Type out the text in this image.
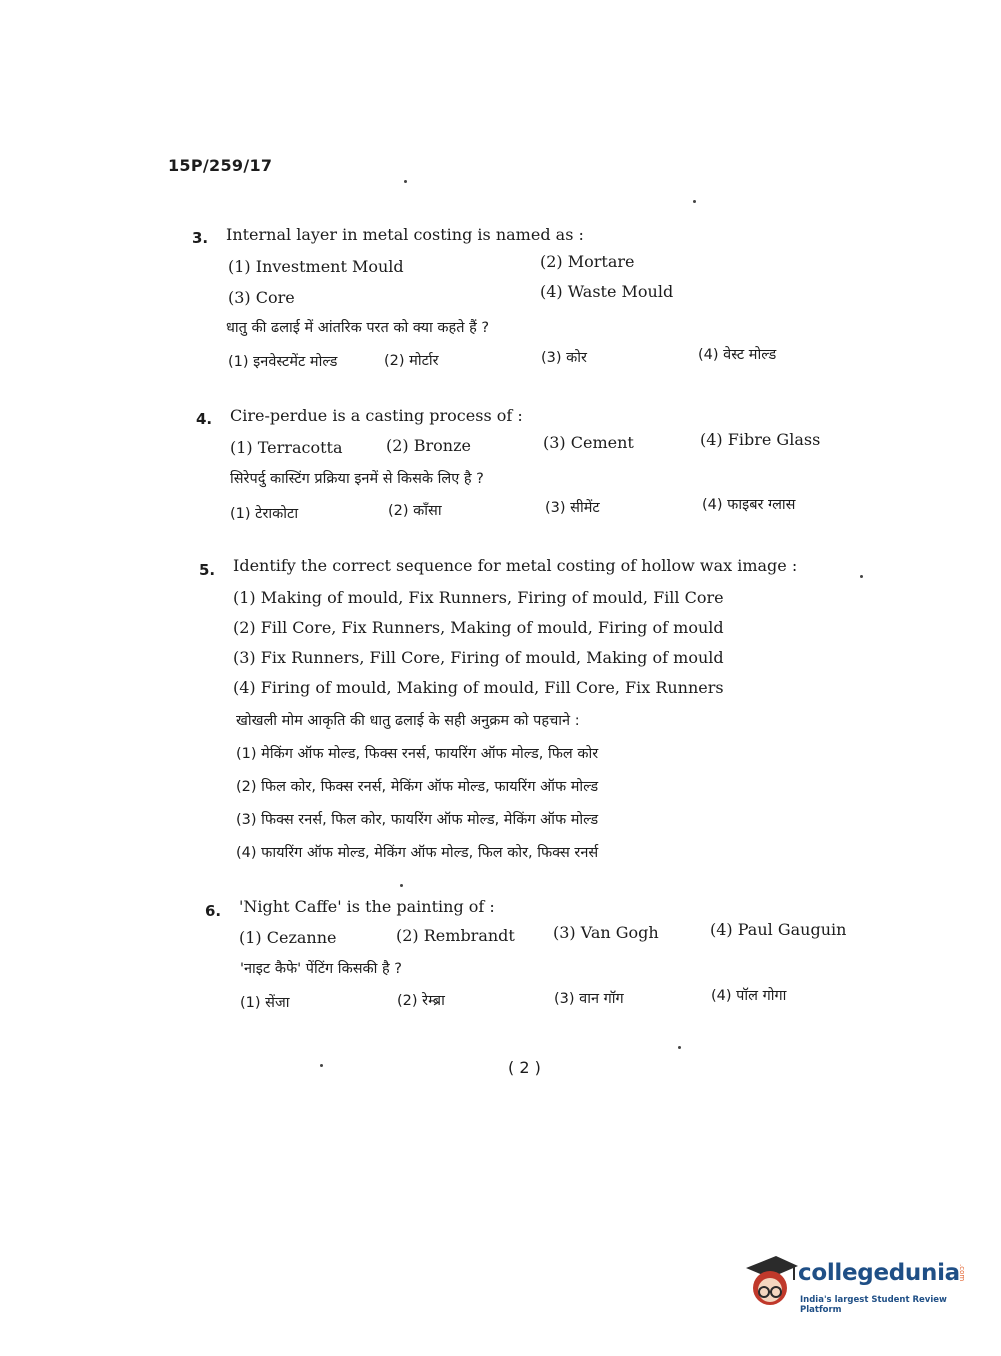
15P/259/17
3. Internal layer in metal costing is named as :
(1) Investment Mould	(2) Mortare
(3) Core	(4) Waste Mould
धातु की ढलाई में आंतरिक परत को क्या कहते हैं ?
(1) इनवेस्टमेंट मोल्ड	(2) मोर्टार	(3) कोर	(4) वेस्ट मोल्ड
4. Cire-perdue is a casting process of :
(1) Terracotta	(2) Bronze	(3) Cement	(4) Fibre Glass
सिरेपर्दु कास्टिंग प्रक्रिया इनमें से किसके लिए है ?
(1) टेराकोटा	(2) काँसा	(3) सीमेंट	(4) फाइबर ग्लास
5. Identify the correct sequence for metal costing of hollow wax image :
(1) Making of mould, Fix Runners, Firing of mould, Fill Core
(2) Fill Core, Fix Runners, Making of mould, Firing of mould
(3) Fix Runners, Fill Core, Firing of mould, Making of mould
(4) Firing of mould, Making of mould, Fill Core, Fix Runners
खोखली मोम आकृति की धातु ढलाई के सही अनुक्रम को पहचाने :
(1) मेकिंग ऑफ मोल्ड, फिक्स रनर्स, फायरिंग ऑफ मोल्ड, फिल कोर
(2) फिल कोर, फिक्स रनर्स, मेकिंग ऑफ मोल्ड, फायरिंग ऑफ मोल्ड
(3) फिक्स रनर्स, फिल कोर, फायरिंग ऑफ मोल्ड, मेकिंग ऑफ मोल्ड
(4) फायरिंग ऑफ मोल्ड, मेकिंग ऑफ मोल्ड, फिल कोर, फिक्स रनर्स
6. 'Night Caffe' is the painting of :
(1) Cezanne	(2) Rembrandt (3) Van Gogh	(4) Paul Gauguin
'नाइट कैफे' पेंटिंग किसकी है ?
(1) सेंजा	(2) रेम्ब्रा	(3) वान गॉग	(4) पॉल गोगा
( 2 )
collegedunia
.com
India's largest Student Review Platform
